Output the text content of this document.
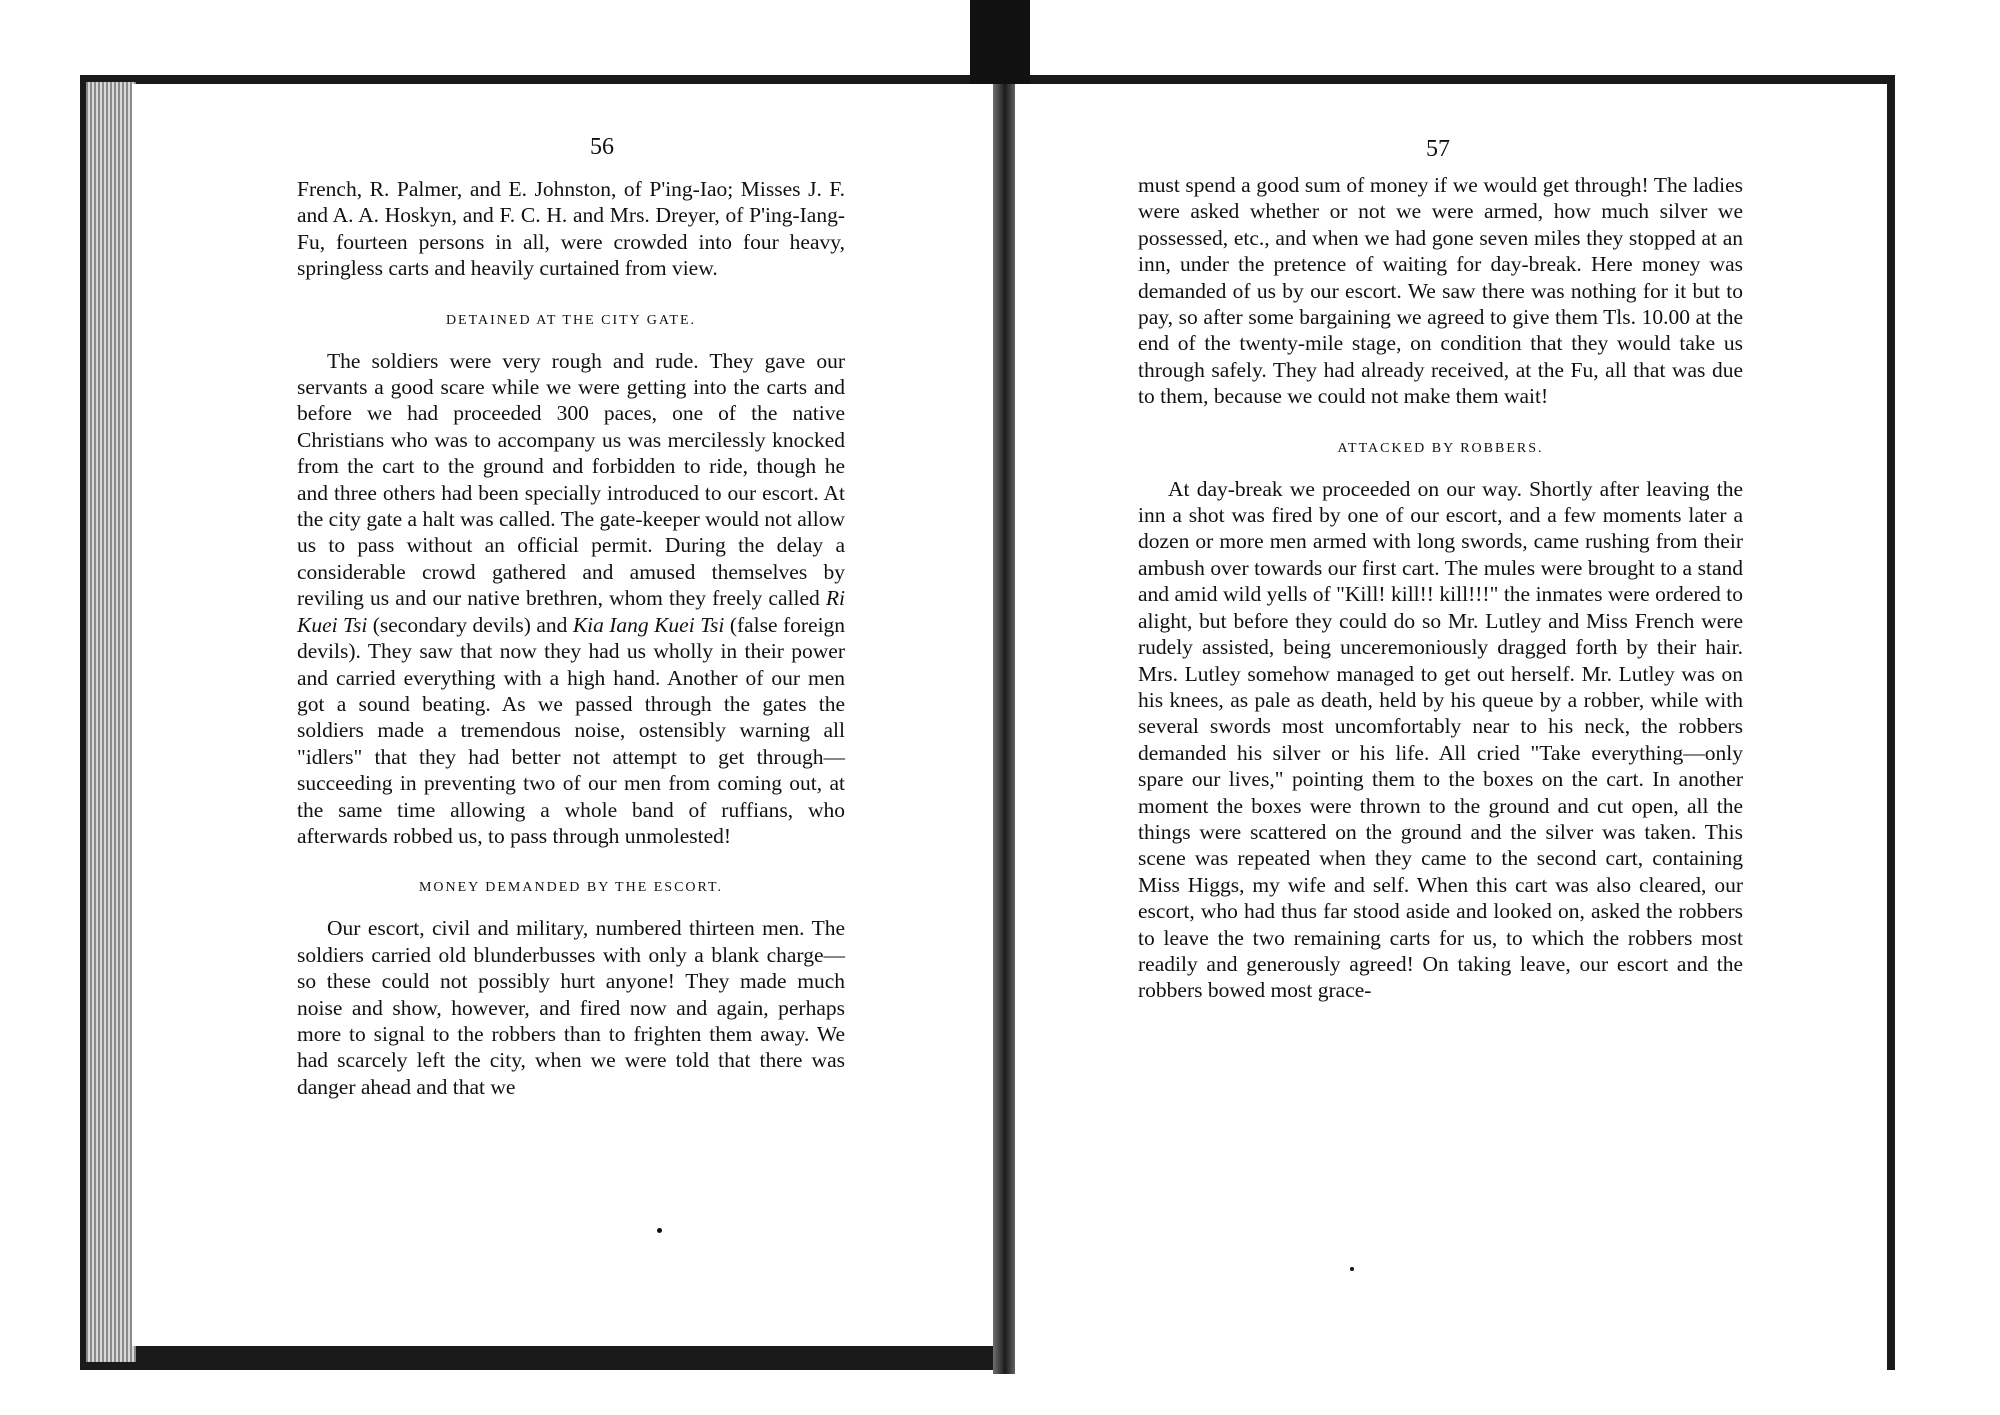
56

French, R. Palmer, and E. Johnston, of P'ing-Iao; Misses J. F. and A. A. Hoskyn, and F. C. H. and Mrs. Dreyer, of P'ing-Iang-Fu, fourteen persons in all, were crowded into four heavy, springless carts and heavily curtained from view.

DETAINED AT THE CITY GATE.

The soldiers were very rough and rude. They gave our servants a good scare while we were getting into the carts and before we had proceeded 300 paces, one of the native Christians who was to accompany us was mercilessly knocked from the cart to the ground and forbidden to ride, though he and three others had been specially introduced to our escort. At the city gate a halt was called. The gate-keeper would not allow us to pass without an official permit. During the delay a considerable crowd gathered and amused themselves by reviling us and our native brethren, whom they freely called Ri Kuei Tsi (secondary devils) and Kia Iang Kuei Tsi (false foreign devils). They saw that now they had us wholly in their power and carried everything with a high hand. Another of our men got a sound beating. As we passed through the gates the soldiers made a tremendous noise, ostensibly warning all "idlers" that they had better not attempt to get through—succeeding in preventing two of our men from coming out, at the same time allowing a whole band of ruffians, who afterwards robbed us, to pass through unmolested!

MONEY DEMANDED BY THE ESCORT.

Our escort, civil and military, numbered thirteen men. The soldiers carried old blunderbusses with only a blank charge—so these could not possibly hurt anyone! They made much noise and show, however, and fired now and again, perhaps more to signal to the robbers than to frighten them away. We had scarcely left the city, when we were told that there was danger ahead and that we

57

must spend a good sum of money if we would get through! The ladies were asked whether or not we were armed, how much silver we possessed, etc., and when we had gone seven miles they stopped at an inn, under the pretence of waiting for day-break. Here money was demanded of us by our escort. We saw there was nothing for it but to pay, so after some bargaining we agreed to give them Tls. 10.00 at the end of the twenty-mile stage, on condition that they would take us through safely. They had already received, at the Fu, all that was due to them, because we could not make them wait!

ATTACKED BY ROBBERS.

At day-break we proceeded on our way. Shortly after leaving the inn a shot was fired by one of our escort, and a few moments later a dozen or more men armed with long swords, came rushing from their ambush over towards our first cart. The mules were brought to a stand and amid wild yells of "Kill! kill!! kill!!!" the inmates were ordered to alight, but before they could do so Mr. Lutley and Miss French were rudely assisted, being unceremoniously dragged forth by their hair. Mrs. Lutley somehow managed to get out herself. Mr. Lutley was on his knees, as pale as death, held by his queue by a robber, while with several swords most uncomfortably near to his neck, the robbers demanded his silver or his life. All cried "Take everything—only spare our lives," pointing them to the boxes on the cart. In another moment the boxes were thrown to the ground and cut open, all the things were scattered on the ground and the silver was taken. This scene was repeated when they came to the second cart, containing Miss Higgs, my wife and self. When this cart was also cleared, our escort, who had thus far stood aside and looked on, asked the robbers to leave the two remaining carts for us, to which the robbers most readily and generously agreed! On taking leave, our escort and the robbers bowed most grace-
